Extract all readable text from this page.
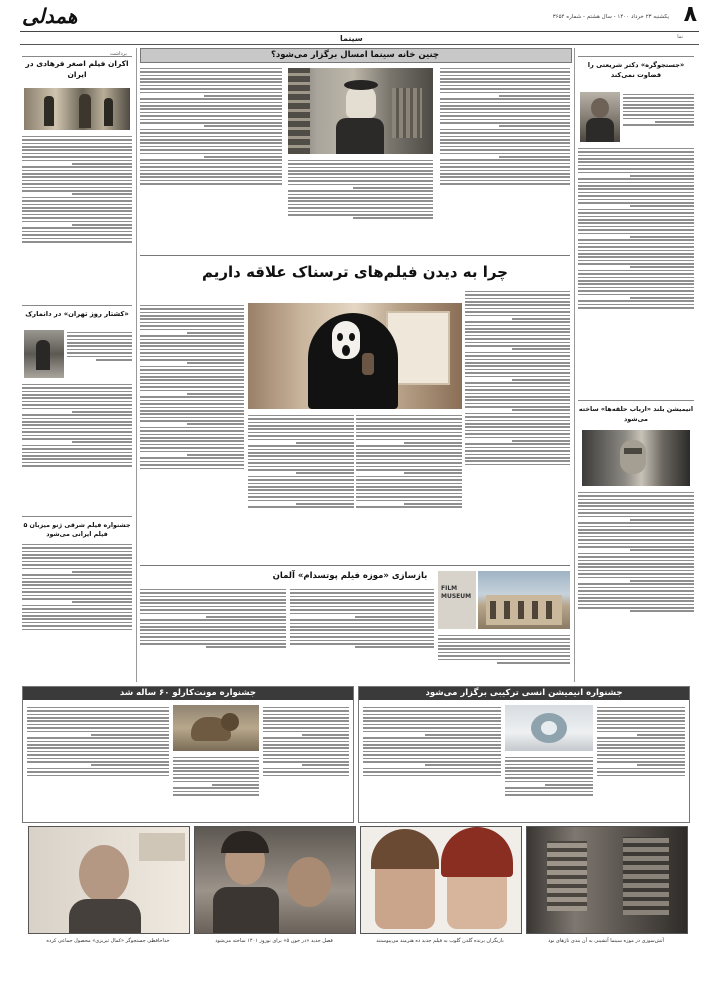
۸
یکشنبه ۲۳ خرداد ۱۴۰۰ - سال هشتم - شماره ۳۶۵۴
همدلی
سینما
برداشت
نما
اکران فیلم اصغر فرهادی در ایران
«کشتار روز تهران» در دانمارک
جشنواره فیلم شرقی ژنو میزبان ۵ فیلم ایرانی می‌شود
«جستجوگره» دکتر شریعتی را قضاوت نمی‌کند
انیمیشن بلند «ارباب حلقه‌ها» ساخته می‌شود
چنین خانه سینما امسال برگزار می‌شود؟
چرا به دیدن فیلم‌های ترسناک علاقه داریم
بازسازی «موزه فیلم پوتسدام» آلمان
FILM MUSEUM
جشنواره مونت‌کارلو ۶۰ ساله شد	جشنواره انیمیشن انسی ترکیبی برگزار می‌شود
آتش‌سوزی در موزه سینما آتشینی به آن بندی نازهای نود
بازیگران برنده گلدن گلوب به فیلم جدید ده هنرمند می‌پیوستند
فصل جدید «در خون ۵» برای نوروز ۱۴۰۱ ساخته می‌شود
خداحافظی جستجوگر «کمال تبریزی» محصول جماعی کرده
